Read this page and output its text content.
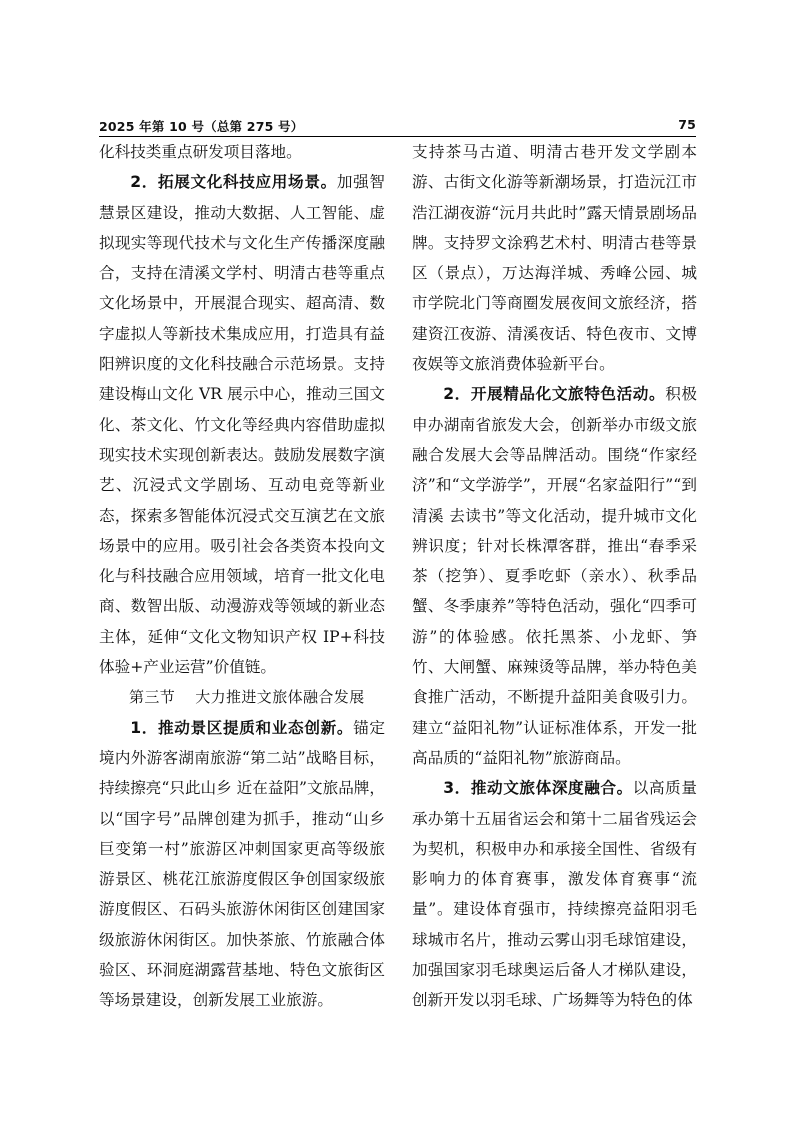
2025 年第 10 号（总第 275 号）	75

化科技类重点研发项目落地。

2．拓展文化科技应用场景。加强智慧景区建设，推动大数据、人工智能、虚拟现实等现代技术与文化生产传播深度融合，支持在清溪文学村、明清古巷等重点文化场景中，开展混合现实、超高清、数字虚拟人等新技术集成应用，打造具有益阳辨识度的文化科技融合示范场景。支持建设梅山文化 VR 展示中心，推动三国文化、茶文化、竹文化等经典内容借助虚拟现实技术实现创新表达。鼓励发展数字演艺、沉浸式文学剧场、互动电竞等新业态，探索多智能体沉浸式交互演艺在文旅场景中的应用。吸引社会各类资本投向文化与科技融合应用领域，培育一批文化电商、数智出版、动漫游戏等领域的新业态主体，延伸“文化文物知识产权 IP+科技体验+产业运营”价值链。

第三节 大力推进文旅体融合发展

1．推动景区提质和业态创新。锚定境内外游客湖南旅游“第二站”战略目标，持续擦亮“只此山乡 近在益阳”文旅品牌，以“国字号”品牌创建为抓手，推动“山乡巨变第一村”旅游区冲刺国家更高等级旅游景区、桃花江旅游度假区争创国家级旅游度假区、石码头旅游休闲街区创建国家级旅游休闲街区。加快茶旅、竹旅融合体验区、环洞庭湖露营基地、特色文旅街区等场景建设，创新发展工业旅游。

支持茶马古道、明清古巷开发文学剧本游、古街文化游等新潮场景，打造沅江市浩江湖夜游“沅月共此时”露天情景剧场品牌。支持罗文涂鸦艺术村、明清古巷等景区（景点），万达海洋城、秀峰公园、城市学院北门等商圈发展夜间文旅经济，搭建资江夜游、清溪夜话、特色夜市、文博夜娱等文旅消费体验新平台。

2．开展精品化文旅特色活动。积极申办湖南省旅发大会，创新举办市级文旅融合发展大会等品牌活动。围绕“作家经济”和“文学游学”，开展“名家益阳行”“到清溪 去读书”等文化活动，提升城市文化辨识度；针对长株潭客群，推出“春季采茶（挖笋）、夏季吃虾（亲水）、秋季品蟹、冬季康养”等特色活动，强化“四季可游”的体验感。依托黑茶、小龙虾、笋竹、大闸蟹、麻辣烫等品牌，举办特色美食推广活动，不断提升益阳美食吸引力。建立“益阳礼物”认证标准体系，开发一批高品质的“益阳礼物”旅游商品。

3．推动文旅体深度融合。以高质量承办第十五届省运会和第十二届省残运会为契机，积极申办和承接全国性、省级有影响力的体育赛事，激发体育赛事“流量”。建设体育强市，持续擦亮益阳羽毛球城市名片，推动云雾山羽毛球馆建设，加强国家羽毛球奥运后备人才梯队建设，创新开发以羽毛球、广场舞等为特色的体
